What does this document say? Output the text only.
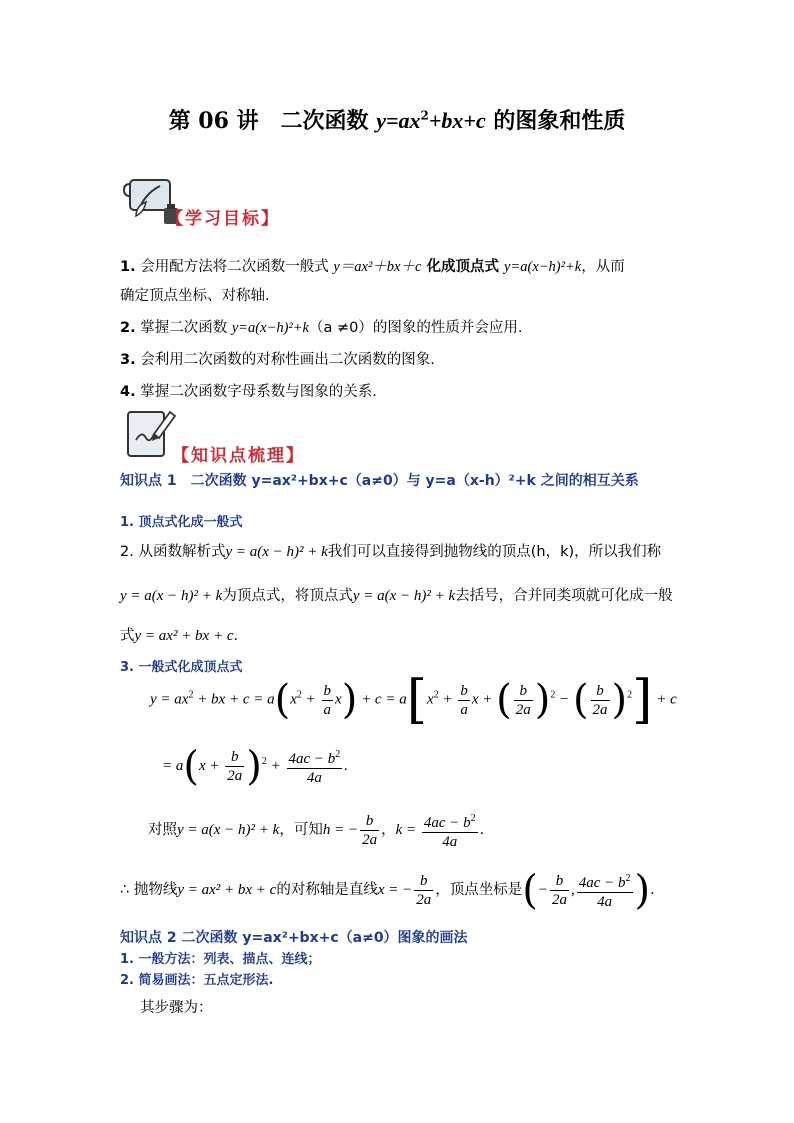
第 06 讲　二次函数 $y=ax^2+bx+c$ 的图象和性质
【学习目标】
1. 会用配方法将二次函数一般式 y＝ax²＋bx＋c 化成顶点式 y=a(x−h)²+k，从而
确定顶点坐标、对称轴.
2. 掌握二次函数 y=a(x−h)²+k（a ≠0）的图象的性质并会应用.
3. 会利用二次函数的对称性画出二次函数的图象.
4. 掌握二次函数字母系数与图象的关系.
【知识点梳理】
知识点 1　二次函数 y=ax²+bx+c（a≠0）与 y=a（x-h）²+k 之间的相互关系
1. 顶点式化成一般式
2. 从函数解析式y = a(x − h)² + k我们可以直接得到抛物线的顶点(h，k)，所以我们称
y = a(x − h)² + k为顶点式，将顶点式y = a(x − h)² + k去括号，合并同类项就可化成一般
式y = ax² + bx + c．
3. 一般式化成顶点式
$y = ax^2$ + bx + $c = a(x^2 + \frac{b}{a} x) + c = a[x^2 + \frac{b}{a}$ x + ( $\frac{b}{2a} )^2$ − ( $\frac{b}{2a} )^2] + c$
= $a(x + \frac{b}{2a} )^2 + \frac{4ac - b^2}{4a}$ .
对照y = a(x − h)² + k，可知h = − $\frac{b}{2a}$ ，$k = \frac{4ac - b^2}{4a}$ .
∴ 抛物线y = ax² + bx + c的对称轴是直线x = − $\frac{b}{2a}$ ，顶点坐标是(− $\frac{b}{2a}$ , $\frac{4ac - b^2}{4a}$ )．
知识点 2 二次函数 y=ax²+bx+c（a≠0）图象的画法
1. 一般方法：列表、描点、连线；
2. 简易画法：五点定形法.
其步骤为：
